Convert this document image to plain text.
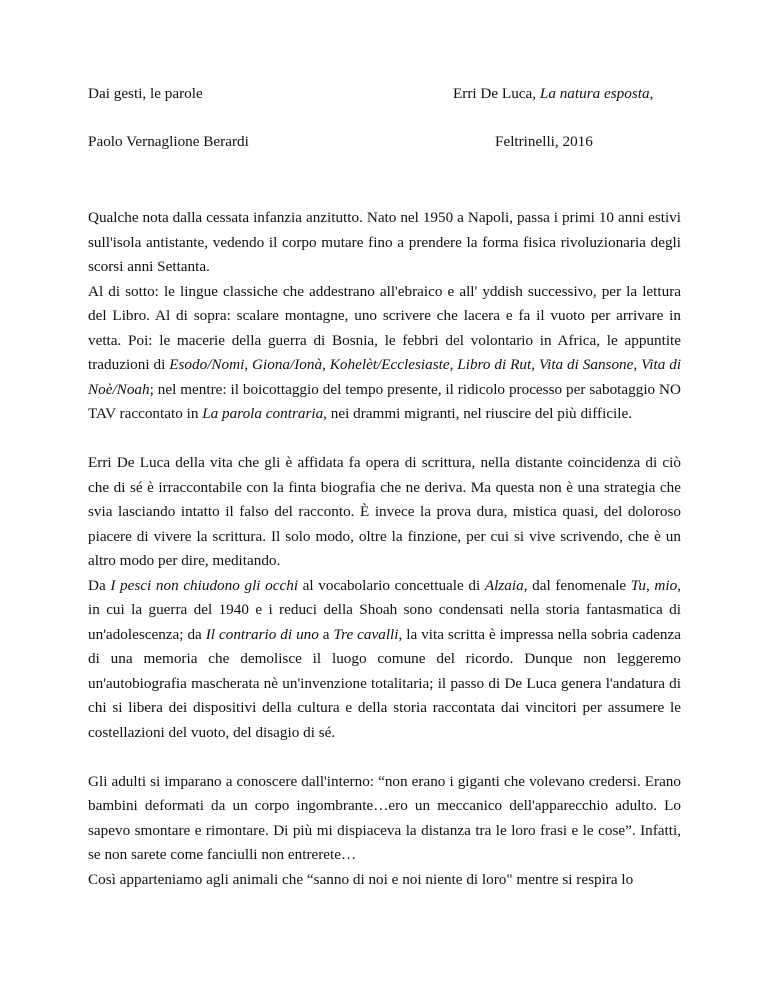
Dai gesti, le parole
Paolo Vernaglione Berardi
Erri De Luca, La natura esposta,
Feltrinelli, 2016

Qualche nota dalla cessata infanzia anzitutto. Nato nel 1950 a Napoli, passa i primi 10 anni estivi sull'isola antistante, vedendo il corpo mutare fino a prendere la forma fisica rivoluzionaria degli scorsi anni Settanta.

Al di sotto: le lingue classiche che addestrano all'ebraico e all' yddish successivo, per la lettura del Libro. Al di sopra: scalare montagne, uno scrivere che lacera e fa il vuoto per arrivare in vetta. Poi: le macerie della guerra di Bosnia, le febbri del volontario in Africa, le appuntite traduzioni di Esodo/Nomi, Giona/Ionà, Kohelèt/Ecclesiaste, Libro di Rut, Vita di Sansone, Vita di Noè/Noah; nel mentre: il boicottaggio del tempo presente, il ridicolo processo per sabotaggio NO TAV raccontato in La parola contraria, nei drammi migranti, nel riuscire del più difficile.

Erri De Luca della vita che gli è affidata fa opera di scrittura, nella distante coincidenza di ciò che di sé è irraccontabile con la finta biografia che ne deriva. Ma questa non è una strategia che svia lasciando intatto il falso del racconto. È invece la prova dura, mistica quasi, del doloroso piacere di vivere la scrittura. Il solo modo, oltre la finzione, per cui si vive scrivendo, che è un altro modo per dire, meditando.

Da I pesci non chiudono gli occhi al vocabolario concettuale di Alzaia, dal fenomenale Tu, mio, in cui la guerra del 1940 e i reduci della Shoah sono condensati nella storia fantasmatica di un'adolescenza; da Il contrario di uno a Tre cavalli, la vita scritta è impressa nella sobria cadenza di una memoria che demolisce il luogo comune del ricordo. Dunque non leggeremo un'autobiografia mascherata nè un'invenzione totalitaria; il passo di De Luca genera l'andatura di chi si libera dei dispositivi della cultura e della storia raccontata dai vincitori per assumere le costellazioni del vuoto, del disagio di sé.

Gli adulti si imparano a conoscere dall'interno: “non erano i giganti che volevano credersi. Erano bambini deformati da un corpo ingombrante…ero un meccanico dell'apparecchio adulto. Lo sapevo smontare e rimontare. Di più mi dispiaceva la distanza tra le loro frasi e le cose”. Infatti, se non sarete come fanciulli non entrerete…

Così apparteniamo agli animali che “sanno di noi e noi niente di loro" mentre si respira lo
